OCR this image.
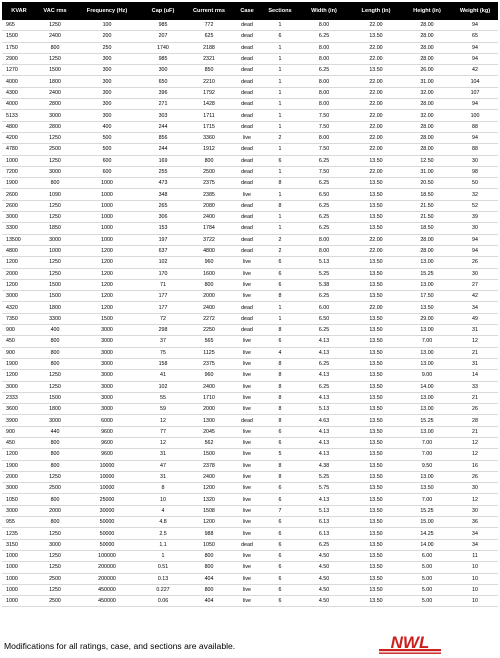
KVAR	VAC rms	Frequency (Hz)	Cap (uF)	Current rms	Case	Sections	Width (in)	Length (in)	Height (in)	Weight (kg)
965	1250	100	985	772	dead	1	8.00	22.00	28.00	94
1500	2400	200	207	625	dead	6	6.25	13.50	28.00	65
1750	800	250	1740	2188	dead	1	8.00	22.00	28.00	94
2900	1250	300	985	2321	dead	1	8.00	22.00	28.00	94
1270	1500	300	300	850	dead	1	6.25	13.50	26.00	42
4000	1800	300	650	2210	dead	1	8.00	22.00	31.00	104
4300	2400	300	396	1792	dead	1	8.00	22.00	32.00	107
4000	2800	300	271	1428	dead	1	8.00	22.00	28.00	94
5133	3000	300	303	1711	dead	1	7.50	22.00	32.00	100
4800	2800	400	244	1715	dead	1	7.50	22.00	28.00	88
4200	1250	500	856	3360	live	2	8.00	22.00	28.00	94
4780	2500	500	244	1912	dead	1	7.50	22.00	28.00	88
1000	1250	600	169	800	dead	6	6.25	13.50	12.50	30
7200	3000	600	255	2500	dead	1	7.50	22.00	31.00	98
1900	800	1000	473	2375	dead	8	6.25	13.50	20.50	50
2600	1090	1000	348	2385	live	1	6.50	13.50	18.50	32
2600	1250	1000	265	2080	dead	8	6.25	13.50	21.50	52
3000	1250	1000	306	2400	dead	1	6.25	13.50	21.50	39
3300	1850	1000	153	1784	dead	1	6.25	13.50	18.50	30
13500	3000	1000	197	3722	dead	2	8.00	22.00	28.00	94
4800	1000	1200	637	4800	dead	2	8.00	22.00	28.00	94
1200	1250	1200	102	960	live	6	5.13	13.50	13.00	26
2000	1250	1200	170	1600	live	6	5.25	13.50	15.25	30
1200	1500	1200	71	800	live	6	5.38	13.50	13.00	27
3000	1500	1200	177	2000	live	8	6.25	13.50	17.50	42
4320	1800	1200	177	2400	dead	1	6.00	22.00	13.50	34
7350	3300	1500	72	2272	dead	1	6.50	13.50	29.00	49
900	400	3000	298	2250	dead	8	6.25	13.50	13.00	31
450	800	3000	37	565	live	6	4.13	13.50	7.00	12
900	800	3000	75	1125	live	4	4.13	13.50	13.00	21
1900	800	3000	158	2375	live	8	6.25	13.50	13.00	31
1200	1250	3000	41	960	live	8	4.13	13.50	9.00	14
3000	1250	3000	102	2400	live	8	6.25	13.50	14.00	33
2333	1500	3000	55	1710	live	8	4.13	13.50	13.00	21
3600	1800	3000	59	2000	live	8	5.13	13.50	13.00	26
3900	3000	6000	12	1300	dead	8	4.63	13.50	15.25	28
900	440	9600	77	2045	live	6	4.13	13.50	13.00	21
450	800	9600	12	562	live	6	4.13	13.50	7.00	12
1200	800	9600	31	1500	live	5	4.13	13.50	7.00	12
1900	800	10000	47	2378	live	8	4.38	13.50	9.50	16
2000	1250	10000	31	2400	live	8	5.25	13.50	13.00	26
3000	2500	10000	8	1200	live	6	5.75	13.50	13.50	30
1050	800	25000	10	1320	live	6	4.13	13.50	7.00	12
3000	2000	30000	4	1508	live	7	5.13	13.50	15.25	30
955	800	50000	4.8	1200	live	6	6.13	13.50	15.00	36
1235	1250	50000	2.5	988	live	6	6.13	13.50	14.25	34
3150	3000	50000	1.1	1050	dead	6	6.25	13.50	14.00	34
1000	1250	100000	1	800	live	6	4.50	13.50	6.00	11
1000	1250	200000	0.51	800	live	6	4.50	13.50	5.00	10
1000	2500	200000	0.13	404	live	6	4.50	13.50	5.00	10
1000	1250	450000	0.227	800	live	6	4.50	13.50	5.00	10
1000	2500	450000	0.06	404	live	6	4.50	13.50	5.00	10
Modifications for all ratings, case, and sections are available.	NWL
